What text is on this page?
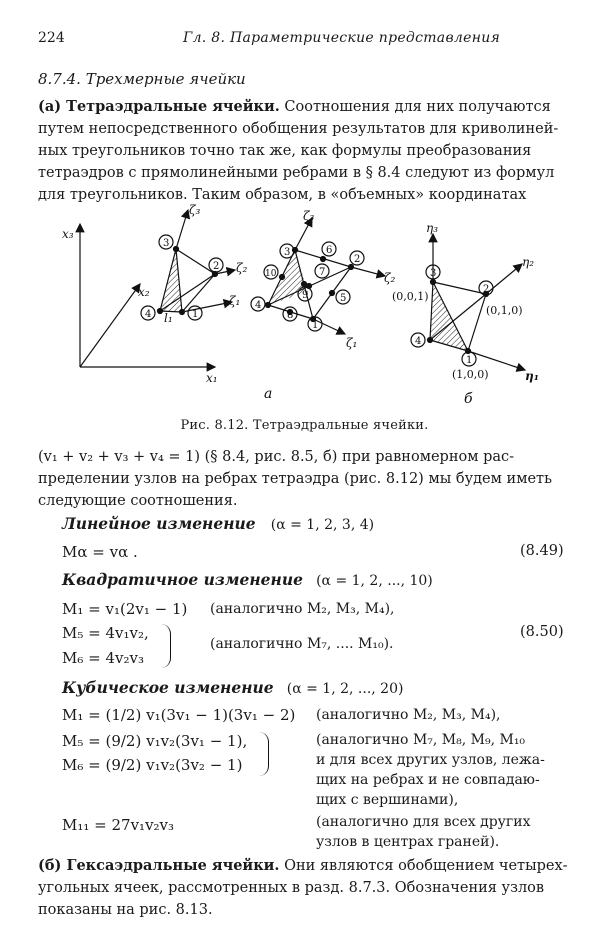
224	Гл. 8. Параметрические представления
8.7.4. Трехмерные ячейки
(а) Тетраэдральные ячейки. Соотношения для них получаются
путем непосредственного обобщения результатов для криволиней-
ных треугольников точно так же, как формулы преобразования
тетраэдров с прямолинейными ребрами в § 8.4 следуют из формул
для треугольников. Таким образом, в «объемных» координатах
x₃
x₂
x₁
ζ₃
ζ₂
ζ₁
l₁ 1
2
3
4
а
ζ₃
ζ₂
ζ₁
1
2
3
4
5
6
7
8
9
10
η₃
η₂
η₁
1
2
3
4
(0,0,1)
(0,1,0)
(1,0,0)
б
Рис. 8.12. Тетраэдральные ячейки.
(v₁ + v₂ + v₃ + v₄ = 1) (§ 8.4, рис. 8.5, б) при равномерном рас-
пределении узлов на ребрах тетраэдра (рис. 8.12) мы будем иметь
следующие соотношения.
Линейное изменение (α = 1, 2, 3, 4)
Mα = vα .	(8.49)
Квадратичное изменение (α = 1, 2, ..., 10)
M₁ = v₁(2v₁ − 1) (аналогично M₂, M₃, M₄),
M₅ = 4v₁v₂,
M₆ = 4v₂v₃
(аналогично M₇, .... M₁₀).
(8.50)
Кубическое изменение (α = 1, 2, ..., 20)
M₁ = (1/2) v₁(3v₁ − 1)(3v₁ − 2) (аналогично M₂, M₃, M₄),
M₅ = (9/2) v₁v₂(3v₁ − 1),
M₆ = (9/2) v₁v₂(3v₂ − 1)
(аналогично M₇, M₈, M₉, M₁₀
и для всех других узлов, лежа-
щих на ребрах и не совпадаю-
щих с вершинами),
M₁₁ = 27v₁v₂v₃	(аналогично для всех других
узлов в центрах граней).
(б) Гексаэдральные ячейки. Они являются обобщением четырех-
угольных ячеек, рассмотренных в разд. 8.7.3. Обозначения узлов
показаны на рис. 8.13.
